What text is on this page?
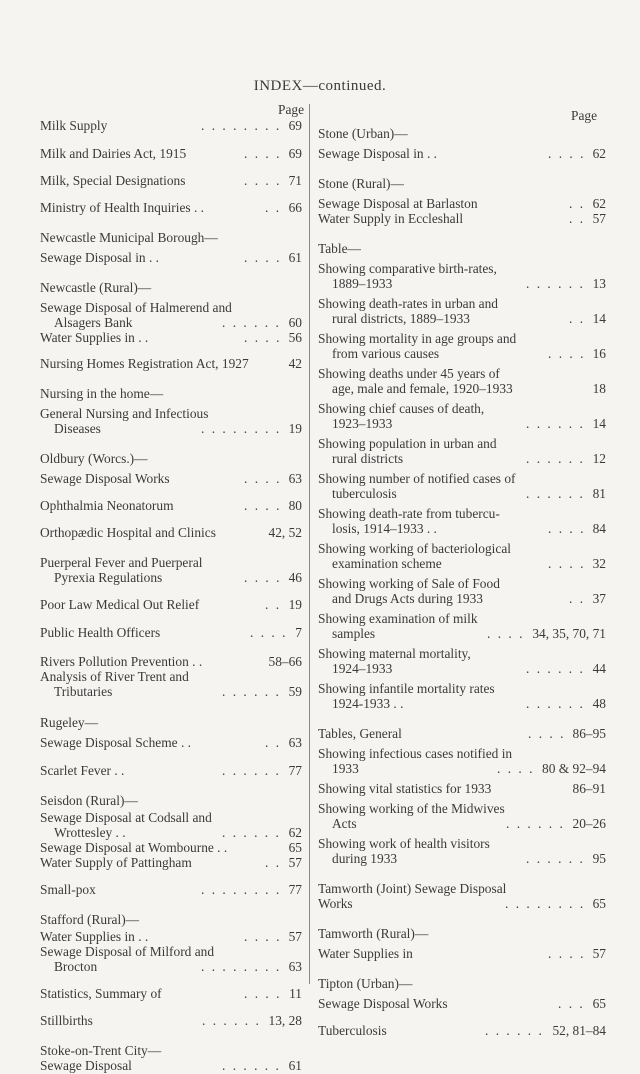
INDEX—continued.
Page	Page
Milk Supply	69
. . . . . . . .
Milk and Dairies Act, 1915	69
. . . .
Milk, Special Designations	71
. . . .
Ministry of Health Inquiries . .	66
. .
Newcastle Municipal Borough—
Sewage Disposal in . .	61
. . . .
Newcastle (Rural)—
Sewage Disposal of Halmerend and
Alsagers Bank	60
. . . . . .
Water Supplies in . .	56
. . . .
Nursing Homes Registration Act, 1927	42
Nursing in the home—
General Nursing and Infectious
Diseases	19
. . . . . . . .
Oldbury (Worcs.)—
Sewage Disposal Works	63
. . . .
Ophthalmia Neonatorum	80
. . . .
Orthopædic Hospital and Clinics	42, 52
Puerperal Fever and Puerperal
Pyrexia Regulations	46
. . . .
Poor Law Medical Out Relief	19
. .
Public Health Officers	7
. . . .
Rivers Pollution Prevention . .	58–66
Analysis of River Trent and
Tributaries	59
. . . . . .
Rugeley—
Sewage Disposal Scheme . .	63
. .
Scarlet Fever . .	77
. . . . . .
Seisdon (Rural)—
Sewage Disposal at Codsall and
Wrottesley . .	62
. . . . . .
Sewage Disposal at Wombourne . .	65
Water Supply of Pattingham	57
. .
Small-pox	77
. . . . . . . .
Stafford (Rural)—
Water Supplies in . .	57
. . . .
Sewage Disposal of Milford and
Brocton	63
. . . . . . . .
Statistics, Summary of	11
. . . .
Stillbirths	13, 28
. . . . . .
Stoke-on-Trent City—
Sewage Disposal	61
. . . . . .
Stone (Urban)—
Sewage Disposal in . .	62
. . . .
Stone (Rural)—
Sewage Disposal at Barlaston	62
. .
Water Supply in Eccleshall	57
. .
Table—
Showing comparative birth-rates,
1889–1933	13
. . . . . .
Showing death-rates in urban and
rural districts, 1889–1933	14
. .
Showing mortality in age groups and
from various causes	16
. . . .
Showing deaths under 45 years of
age, male and female, 1920–1933	18
Showing chief causes of death,
1923–1933	14
. . . . . .
Showing population in urban and
rural districts	12
. . . . . .
Showing number of notified cases of
tuberculosis	81
. . . . . .
Showing death-rate from tubercu-
losis, 1914–1933 . .	84
. . . .
Showing working of bacteriological
examination scheme	32
. . . .
Showing working of Sale of Food
and Drugs Acts during 1933	37
. .
Showing examination of milk
samples	34, 35, 70, 71
. . . .
Showing maternal mortality,
1924–1933	44
. . . . . .
Showing infantile mortality rates
1924-1933 . .	48
. . . . . .
Tables, General	86–95
. . . .
Showing infectious cases notified in
1933	80 & 92–94
. . . .
Showing vital statistics for 1933	86–91
Showing working of the Midwives
Acts	20–26
. . . . . .
Showing work of health visitors
during 1933	95
. . . . . .
Tamworth (Joint) Sewage Disposal
Works	65
. . . . . . . .
Tamworth (Rural)—
Water Supplies in	57
. . . .
Tipton (Urban)—
Sewage Disposal Works	65
. . .
Tuberculosis	52, 81–84
. . . . . .
